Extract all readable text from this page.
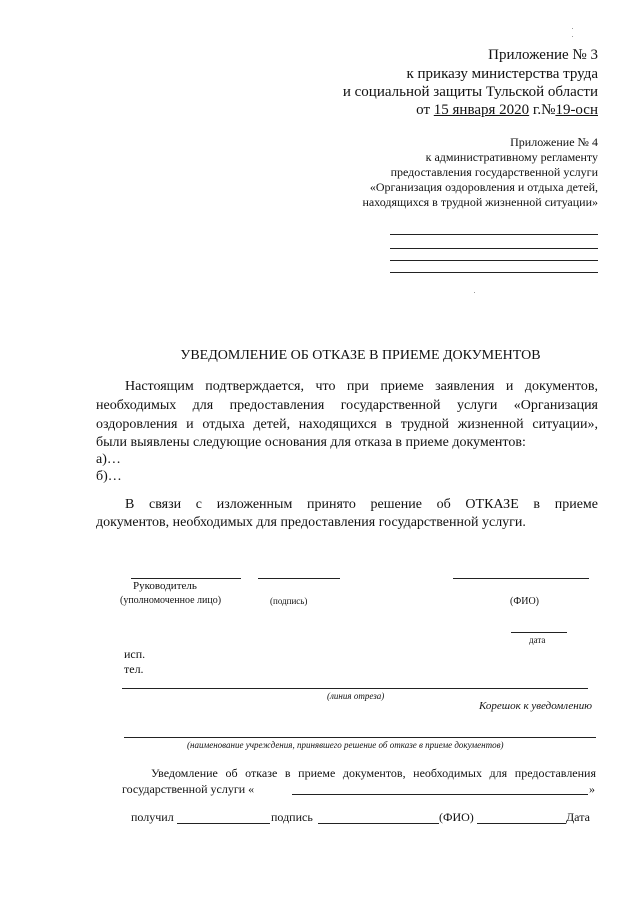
Приложение № 3
к приказу министерства труда
и социальной защиты Тульской области
от 15 января 2020 г.№19-осн
Приложение № 4
к административному регламенту
предоставления государственной услуги
«Организация оздоровления и отдыха детей,
находящихся в трудной жизненной ситуации»
УВЕДОМЛЕНИЕ ОБ ОТКАЗЕ В ПРИЕМЕ ДОКУМЕНТОВ
Настоящим подтверждается, что при приеме заявления и документов,
необходимых для предоставления государственной услуги «Организация
оздоровления и отдыха детей, находящихся в трудной жизненной ситуации»,
были выявлены следующие основания для отказа в приеме документов:
а)…
б)…
В связи с изложенным принято решение об ОТКАЗЕ в приеме
документов, необходимых для предоставления государственной услуги.
Руководитель
(уполномоченное лицо)	(подпись)	(ФИО)
дата
исп.
тел.
(линия отреза)
Корешок к уведомлению
(наименование учреждения, принявшего решение об отказе в приеме документов)
Уведомление об отказе в приеме документов, необходимых для предоставления
государственной услуги «	»
получил	подпись	(ФИО)	Дата
